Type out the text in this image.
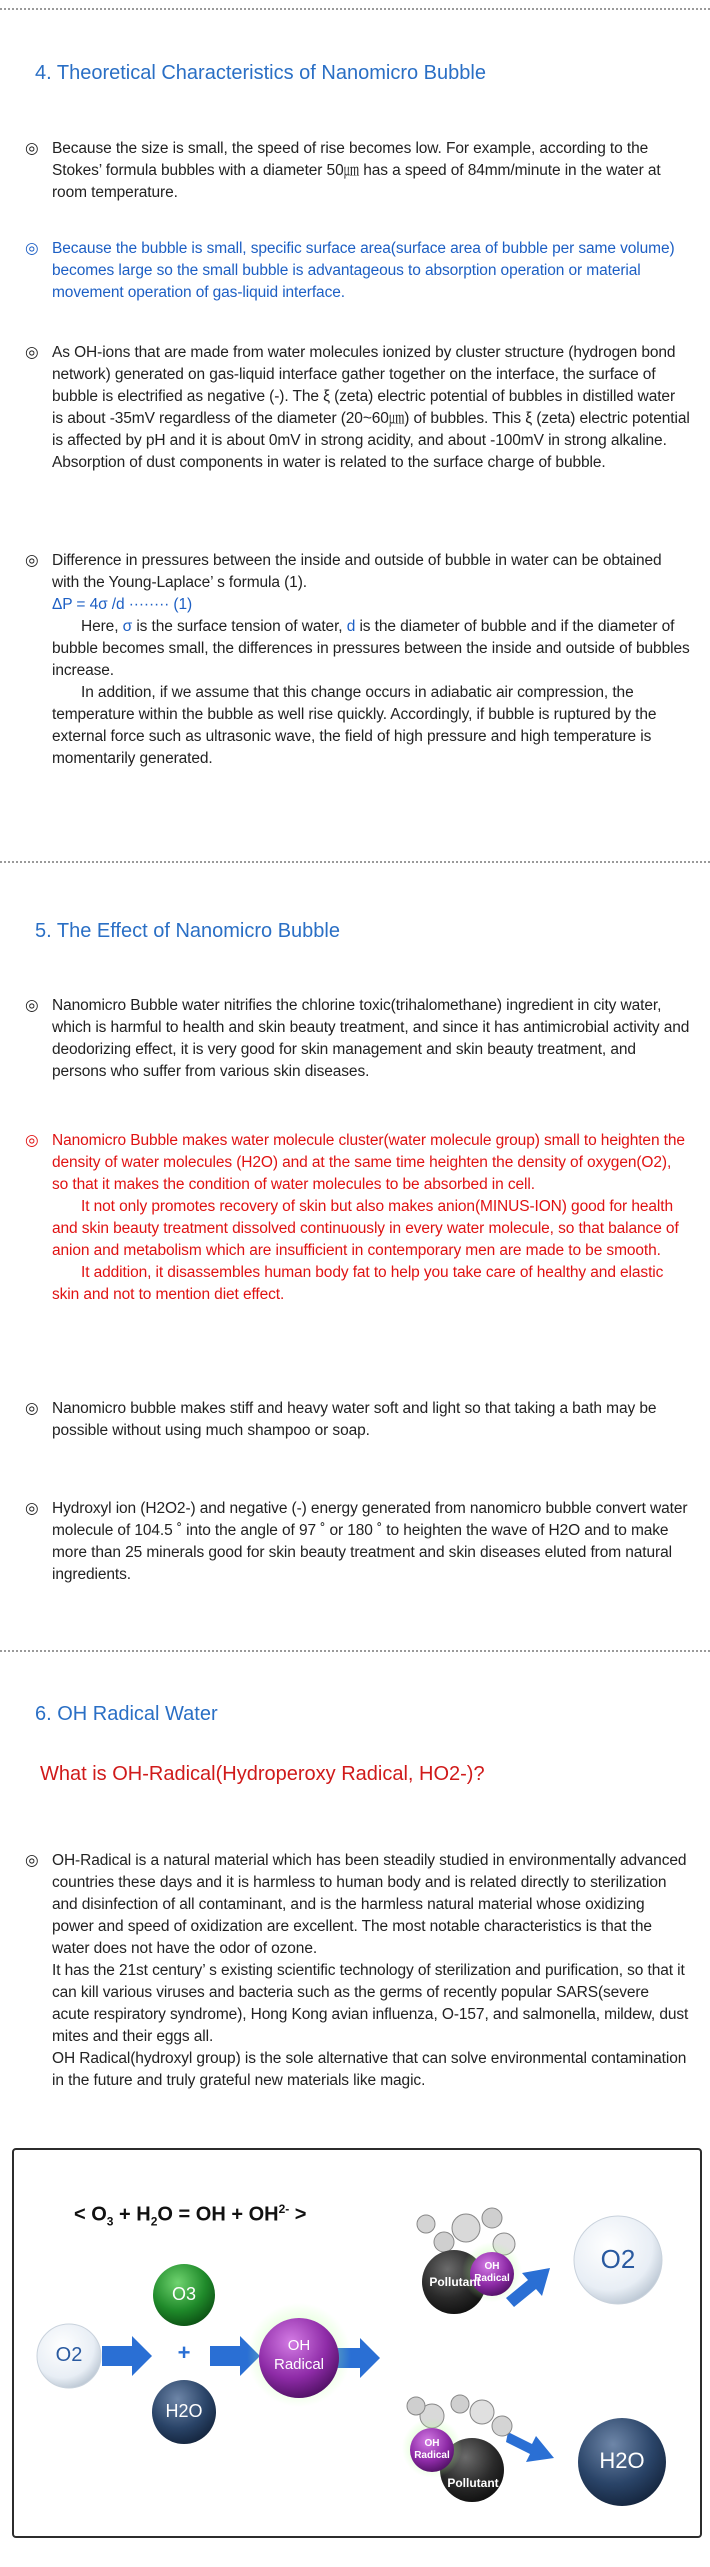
4. Theoretical Characteristics of Nanomicro Bubble
◎ Because the size is small, the speed of rise becomes low. For example, according to the Stokes’ formula bubbles with a diameter 50㎛ has a speed of 84mm/minute in the water at room temperature.

◎ Because the bubble is small, specific surface area(surface area of bubble per same volume) becomes large so the small bubble is advantageous to absorption operation or material movement operation of gas-liquid interface.

◎ As OH-ions that are made from water molecules ionized by cluster structure (hydrogen bond network) generated on gas-liquid interface gather together on the interface, the surface of bubble is electrified as negative (-). The ξ (zeta) electric potential of bubbles in distilled water is about -35mV regardless of the diameter (20~60㎛) of bubbles. This ξ (zeta) electric potential is affected by pH and it is about 0mV in strong acidity, and about -100mV in strong alkaline. Absorption of dust components in water is related to the surface charge of bubble.

◎ Difference in pressures between the inside and outside of bubble in water can be obtained with the Young-Laplace’ s formula (1).

ΔP = 4σ /d ········ (1)

Here, σ is the surface tension of water, d is the diameter of bubble and if the diameter of bubble becomes small, the differences in pressures between the inside and outside of bubbles increase.

In addition, if we assume that this change occurs in adiabatic air compression, the temperature within the bubble as well rise quickly. Accordingly, if bubble is ruptured by the external force such as ultrasonic wave, the field of high pressure and high temperature is momentarily generated.

5. The Effect of Nanomicro Bubble
◎ Nanomicro Bubble water nitrifies the chlorine toxic(trihalomethane) ingredient in city water, which is harmful to health and skin beauty treatment, and since it has antimicrobial activity and deodorizing effect, it is very good for skin management and skin beauty treatment, and persons who suffer from various skin diseases.

◎ Nanomicro Bubble makes water molecule cluster(water molecule group) small to heighten the density of water molecules (H2O) and at the same time heighten the density of oxygen(O2), so that it makes the condition of water molecules to be absorbed in cell.

It not only promotes recovery of skin but also makes anion(MINUS-ION) good for health and skin beauty treatment dissolved continuously in every water molecule, so that balance of anion and metabolism which are insufficient in contemporary men are made to be smooth.

It addition, it disassembles human body fat to help you take care of healthy and elastic skin and not to mention diet effect.

◎ Nanomicro bubble makes stiff and heavy water soft and light so that taking a bath may be possible without using much shampoo or soap.

◎ Hydroxyl ion (H2O2-) and negative (-) energy generated from nanomicro bubble convert water molecule of 104.5 ˚ into the angle of 97 ˚ or 180 ˚ to heighten the wave of H2O and to make more than 25 minerals good for skin beauty treatment and skin diseases eluted from natural ingredients.

6. OH Radical Water
What is OH-Radical(Hydroperoxy Radical, HO2-)?
◎ OH-Radical is a natural material which has been steadily studied in environmentally advanced countries these days and it is harmless to human body and is related directly to sterilization and disinfection of all contaminant, and is the harmless natural material whose oxidizing power and speed of oxidization are excellent. The most notable characteristics is that the water does not have the odor of ozone.

It has the 21st century’ s existing scientific technology of sterilization and purification, so that it can kill various viruses and bacteria such as the germs of recently popular SARS(severe acute respiratory syndrome), Hong Kong avian influenza, O-157, and salmonella, mildew, dust mites and their eggs all.

OH Radical(hydroxyl group) is the sole alternative that can solve environmental contamination in the future and truly grateful new materials like magic.

< $O_3 + H_2O$ = OH + $OH^{2-}$ >
O2
O3
+
H2O
OH
Radical
Pollutant
OH
Radical
OH
Radical
Pollutant
O2
H2O
